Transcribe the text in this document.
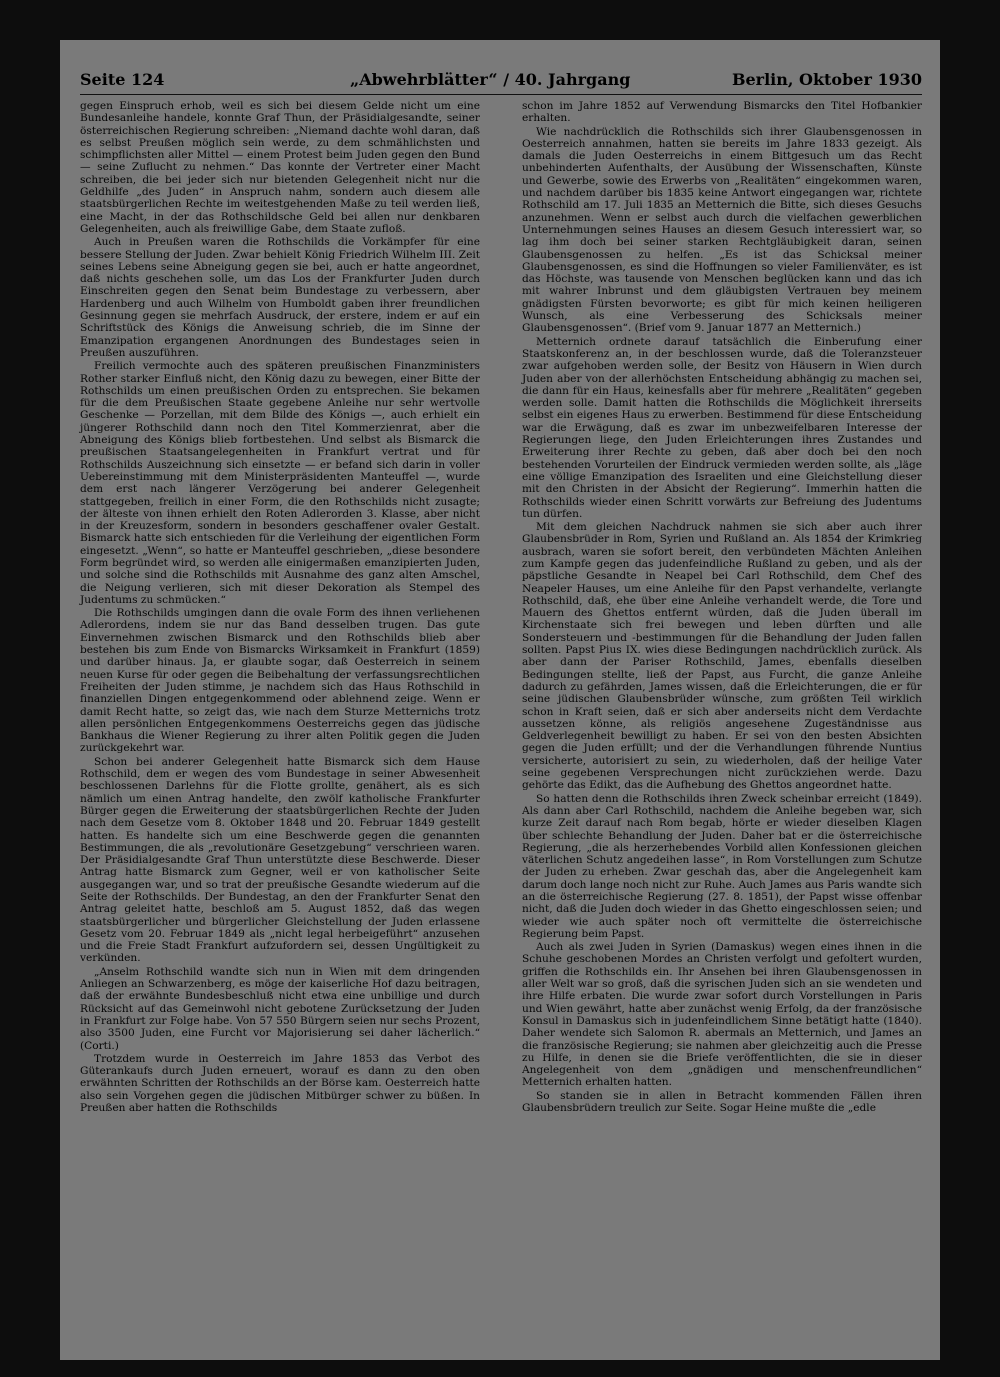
Seite 124	„Abwehrblätter“ / 40. Jahrgang	Berlin, Oktober 1930

gegen Einspruch erhob, weil es sich bei diesem Gelde nicht um eine Bundesanleihe handele, konnte Graf Thun, der Präsidialgesandte, seiner österreichischen Regierung schreiben: „Niemand dachte wohl daran, daß es selbst Preußen möglich sein werde, zu dem schmählichsten und schimpflichsten aller Mittel — einem Protest beim Juden gegen den Bund — seine Zuflucht zu nehmen.“ Das konnte der Vertreter einer Macht schreiben, die bei jeder sich nur bietenden Gelegenheit nicht nur die Geldhilfe „des Juden“ in Anspruch nahm, sondern auch diesem alle staatsbürgerlichen Rechte im weitestgehenden Maße zu teil werden ließ, eine Macht, in der das Rothschildsche Geld bei allen nur denkbaren Gelegenheiten, auch als freiwillige Gabe, dem Staate zufloß.

Auch in Preußen waren die Rothschilds die Vorkämpfer für eine bessere Stellung der Juden. Zwar behielt König Friedrich Wilhelm III. Zeit seines Lebens seine Abneigung gegen sie bei, auch er hatte angeordnet, daß nichts geschehen solle, um das Los der Frankfurter Juden durch Einschreiten gegen den Senat beim Bundestage zu verbessern, aber Hardenberg und auch Wilhelm von Humboldt gaben ihrer freundlichen Gesinnung gegen sie mehrfach Ausdruck, der erstere, indem er auf ein Schriftstück des Königs die Anweisung schrieb, die im Sinne der Emanzipation ergangenen Anordnungen des Bundestages seien in Preußen auszuführen.

Freilich vermochte auch des späteren preußischen Finanzministers Rother starker Einfluß nicht, den König dazu zu bewegen, einer Bitte der Rothschilds um einen preußischen Orden zu entsprechen. Sie bekamen für die dem Preußischen Staate gegebene Anleihe nur sehr wertvolle Geschenke — Porzellan, mit dem Bilde des Königs —, auch erhielt ein jüngerer Rothschild dann noch den Titel Kommerzienrat, aber die Abneigung des Königs blieb fortbestehen. Und selbst als Bismarck die preußischen Staatsangelegenheiten in Frankfurt vertrat und für Rothschilds Auszeichnung sich einsetzte — er befand sich darin in voller Uebereinstimmung mit dem Ministerpräsidenten Manteuffel —, wurde dem erst nach längerer Verzögerung bei anderer Gelegenheit stattgegeben, freilich in einer Form, die den Rothschilds nicht zusagte; der älteste von ihnen erhielt den Roten Adlerorden 3. Klasse, aber nicht in der Kreuzesform, sondern in besonders geschaffener ovaler Gestalt. Bismarck hatte sich entschieden für die Verleihung der eigentlichen Form eingesetzt. „Wenn“, so hatte er Manteuffel geschrieben, „diese besondere Form begründet wird, so werden alle einigermaßen emanzipierten Juden, und solche sind die Rothschilds mit Ausnahme des ganz alten Amschel, die Neigung verlieren, sich mit dieser Dekoration als Stempel des Judentums zu schmücken.“

Die Rothschilds umgingen dann die ovale Form des ihnen verliehenen Adlerordens, indem sie nur das Band desselben trugen. Das gute Einvernehmen zwischen Bismarck und den Rothschilds blieb aber bestehen bis zum Ende von Bismarcks Wirksamkeit in Frankfurt (1859) und darüber hinaus. Ja, er glaubte sogar, daß Oesterreich in seinem neuen Kurse für oder gegen die Beibehaltung der verfassungsrechtlichen Freiheiten der Juden stimme, je nachdem sich das Haus Rothschild in finanziellen Dingen entgegenkommend oder ablehnend zeige. Wenn er damit Recht hatte, so zeigt das, wie nach dem Sturze Metternichs trotz allen persönlichen Entgegenkommens Oesterreichs gegen das jüdische Bankhaus die Wiener Regierung zu ihrer alten Politik gegen die Juden zurückgekehrt war.

Schon bei anderer Gelegenheit hatte Bismarck sich dem Hause Rothschild, dem er wegen des vom Bundestage in seiner Abwesenheit beschlossenen Darlehns für die Flotte grollte, genähert, als es sich nämlich um einen Antrag handelte, den zwölf katholische Frankfurter Bürger gegen die Erweiterung der staatsbürgerlichen Rechte der Juden nach dem Gesetze vom 8. Oktober 1848 und 20. Februar 1849 gestellt hatten. Es handelte sich um eine Beschwerde gegen die genannten Bestimmungen, die als „revolutionäre Gesetzgebung“ verschrieen waren. Der Präsidialgesandte Graf Thun unterstützte diese Beschwerde. Dieser Antrag hatte Bismarck zum Gegner, weil er von katholischer Seite ausgegangen war, und so trat der preußische Gesandte wiederum auf die Seite der Rothschilds. Der Bundestag, an den der Frankfurter Senat den Antrag geleitet hatte, beschloß am 5. August 1852, daß das wegen staatsbürgerlicher und bürgerlicher Gleichstellung der Juden erlassene Gesetz vom 20. Februar 1849 als „nicht legal herbeigeführt“ anzusehen und die Freie Stadt Frankfurt aufzufordern sei, dessen Ungültigkeit zu verkünden.

„Anselm Rothschild wandte sich nun in Wien mit dem dringenden Anliegen an Schwarzenberg, es möge der kaiserliche Hof dazu beitragen, daß der erwähnte Bundesbeschluß nicht etwa eine unbillige und durch Rücksicht auf das Gemeinwohl nicht gebotene Zurücksetzung der Juden in Frankfurt zur Folge habe. Von 57 550 Bürgern seien nur sechs Prozent, also 3500 Juden, eine Furcht vor Majorisierung sei daher lächerlich.“ (Corti.)

Trotzdem wurde in Oesterreich im Jahre 1853 das Verbot des Güterankaufs durch Juden erneuert, worauf es dann zu den oben erwähnten Schritten der Rothschilds an der Börse kam. Oesterreich hatte also sein Vorgehen gegen die jüdischen Mitbürger schwer zu büßen. In Preußen aber hatten die Rothschilds

schon im Jahre 1852 auf Verwendung Bismarcks den Titel Hofbankier erhalten.

Wie nachdrücklich die Rothschilds sich ihrer Glaubensgenossen in Oesterreich annahmen, hatten sie bereits im Jahre 1833 gezeigt. Als damals die Juden Oesterreichs in einem Bittgesuch um das Recht unbehinderten Aufenthalts, der Ausübung der Wissenschaften, Künste und Gewerbe, sowie des Erwerbs von „Realitäten“ eingekommen waren, und nachdem darüber bis 1835 keine Antwort eingegangen war, richtete Rothschild am 17. Juli 1835 an Metternich die Bitte, sich dieses Gesuchs anzunehmen. Wenn er selbst auch durch die vielfachen gewerblichen Unternehmungen seines Hauses an diesem Gesuch interessiert war, so lag ihm doch bei seiner starken Rechtgläubigkeit daran, seinen Glaubensgenossen zu helfen. „Es ist das Schicksal meiner Glaubensgenossen, es sind die Hoffnungen so vieler Familienväter, es ist das Höchste, was tausende von Menschen beglücken kann und das ich mit wahrer Inbrunst und dem gläubigsten Vertrauen bey meinem gnädigsten Fürsten bevorworte; es gibt für mich keinen heiligeren Wunsch, als eine Verbesserung des Schicksals meiner Glaubensgenossen“. (Brief vom 9. Januar 1877 an Metternich.)

Metternich ordnete darauf tatsächlich die Einberufung einer Staatskonferenz an, in der beschlossen wurde, daß die Toleranzsteuer zwar aufgehoben werden solle, der Besitz von Häusern in Wien durch Juden aber von der allerhöchsten Entscheidung abhängig zu machen sei, die dann für ein Haus, keinesfalls aber für mehrere „Realitäten“ gegeben werden solle. Damit hatten die Rothschilds die Möglichkeit ihrerseits selbst ein eigenes Haus zu erwerben. Bestimmend für diese Entscheidung war die Erwägung, daß es zwar im unbezweifelbaren Interesse der Regierungen liege, den Juden Erleichterungen ihres Zustandes und Erweiterung ihrer Rechte zu geben, daß aber doch bei den noch bestehenden Vorurteilen der Eindruck vermieden werden sollte, als „läge eine völlige Emanzipation des Israeliten und eine Gleichstellung dieser mit den Christen in der Absicht der Regierung“. Immerhin hatten die Rothschilds wieder einen Schritt vorwärts zur Befreiung des Judentums tun dürfen.

Mit dem gleichen Nachdruck nahmen sie sich aber auch ihrer Glaubensbrüder in Rom, Syrien und Rußland an. Als 1854 der Krimkrieg ausbrach, waren sie sofort bereit, den verbündeten Mächten Anleihen zum Kampfe gegen das judenfeindliche Rußland zu geben, und als der päpstliche Gesandte in Neapel bei Carl Rothschild, dem Chef des Neapeler Hauses, um eine Anleihe für den Papst verhandelte, verlangte Rothschild, daß, ehe über eine Anleihe verhandelt werde, die Tore und Mauern des Ghettos entfernt würden, daß die Juden überall im Kirchenstaate sich frei bewegen und leben dürften und alle Sondersteuern und -bestimmungen für die Behandlung der Juden fallen sollten. Papst Pius IX. wies diese Bedingungen nachdrücklich zurück. Als aber dann der Pariser Rothschild, James, ebenfalls dieselben Bedingungen stellte, ließ der Papst, aus Furcht, die ganze Anleihe dadurch zu gefährden, James wissen, daß die Erleichterungen, die er für seine jüdischen Glaubensbrüder wünsche, zum größten Teil wirklich schon in Kraft seien, daß er sich aber anderseits nicht dem Verdachte aussetzen könne, als religiös angesehene Zugeständnisse aus Geldverlegenheit bewilligt zu haben. Er sei von den besten Absichten gegen die Juden erfüllt; und der die Verhandlungen führende Nuntius versicherte, autorisiert zu sein, zu wiederholen, daß der heilige Vater seine gegebenen Versprechungen nicht zurückziehen werde. Dazu gehörte das Edikt, das die Aufhebung des Ghettos angeordnet hatte.

So hatten denn die Rothschilds ihren Zweck scheinbar erreicht (1849). Als dann aber Carl Rothschild, nachdem die Anleihe begeben war, sich kurze Zeit darauf nach Rom begab, hörte er wieder dieselben Klagen über schlechte Behandlung der Juden. Daher bat er die österreichische Regierung, „die als herzerhebendes Vorbild allen Konfessionen gleichen väterlichen Schutz angedeihen lasse“, in Rom Vorstellungen zum Schutze der Juden zu erheben. Zwar geschah das, aber die Angelegenheit kam darum doch lange noch nicht zur Ruhe. Auch James aus Paris wandte sich an die österreichische Regierung (27. 8. 1851), der Papst wisse offenbar nicht, daß die Juden doch wieder in das Ghetto eingeschlossen seien; und wieder wie auch später noch oft vermittelte die österreichische Regierung beim Papst.

Auch als zwei Juden in Syrien (Damaskus) wegen eines ihnen in die Schuhe geschobenen Mordes an Christen verfolgt und gefoltert wurden, griffen die Rothschilds ein. Ihr Ansehen bei ihren Glaubensgenossen in aller Welt war so groß, daß die syrischen Juden sich an sie wendeten und ihre Hilfe erbaten. Die wurde zwar sofort durch Vorstellungen in Paris und Wien gewährt, hatte aber zunächst wenig Erfolg, da der französische Konsul in Damaskus sich in judenfeindlichem Sinne betätigt hatte (1840). Daher wendete sich Salomon R. abermals an Metternich, und James an die französische Regierung; sie nahmen aber gleichzeitig auch die Presse zu Hilfe, in denen sie die Briefe veröffentlichten, die sie in dieser Angelegenheit von dem „gnädigen und menschenfreundlichen“ Metternich erhalten hatten.

So standen sie in allen in Betracht kommenden Fällen ihren Glaubensbrüdern treulich zur Seite. Sogar Heine mußte die „edle
